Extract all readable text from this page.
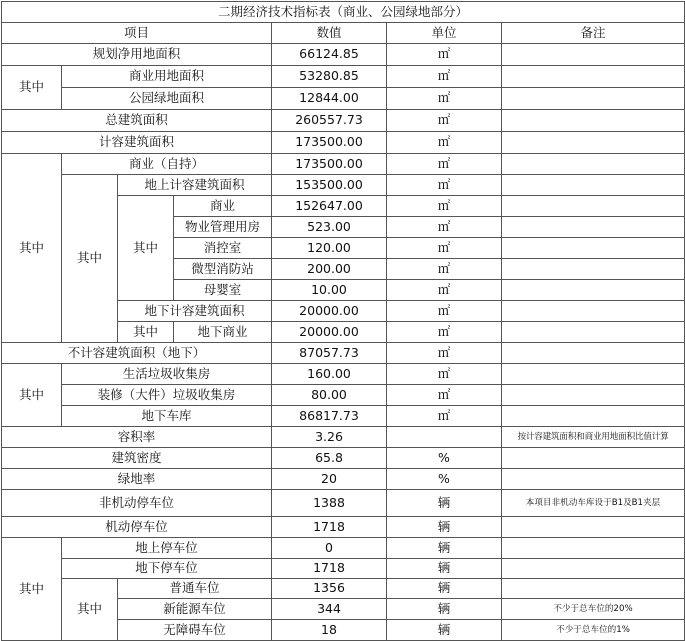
二期经济技术指标表（商业、公园绿地部分）						
项目				数值	单位	备注
规划净用地面积				66124.85	㎡	
其中	商业用地面积			53280.85	㎡	
	公园绿地面积			12844.00	㎡	
总建筑面积				260557.73	㎡	
计容建筑面积				173500.00	㎡	
其中	商业（自持）			173500.00	㎡	
	其中	地上计容建筑面积		153500.00	㎡	
		其中	商业	152647.00	㎡	
			物业管理用房	523.00	㎡	
			消控室	120.00	㎡	
			微型消防站	200.00	㎡	
			母婴室	10.00	㎡	
		地下计容建筑面积		20000.00	㎡	
		其中	地下商业	20000.00	㎡	
不计容建筑面积（地下）				87057.73	㎡	
其中	生活垃圾收集房			160.00	㎡	
	装修（大件）垃圾收集房			80.00	㎡	
	地下车库			86817.73	㎡	
容积率				3.26		按计容建筑面积和商业用地面积比值计算
建筑密度				65.8	%	
绿地率				20	%	
非机动停车位				1388	辆	本项目非机动车库设于B1及B1夹层
机动停车位				1718	辆	
其中	地上停车位			0	辆	
	地下停车位			1718	辆	
	其中	普通车位		1356	辆	
		新能源车位		344	辆	不少于总车位的20%
		无障碍车位		18	辆	不少于总车位的1%
